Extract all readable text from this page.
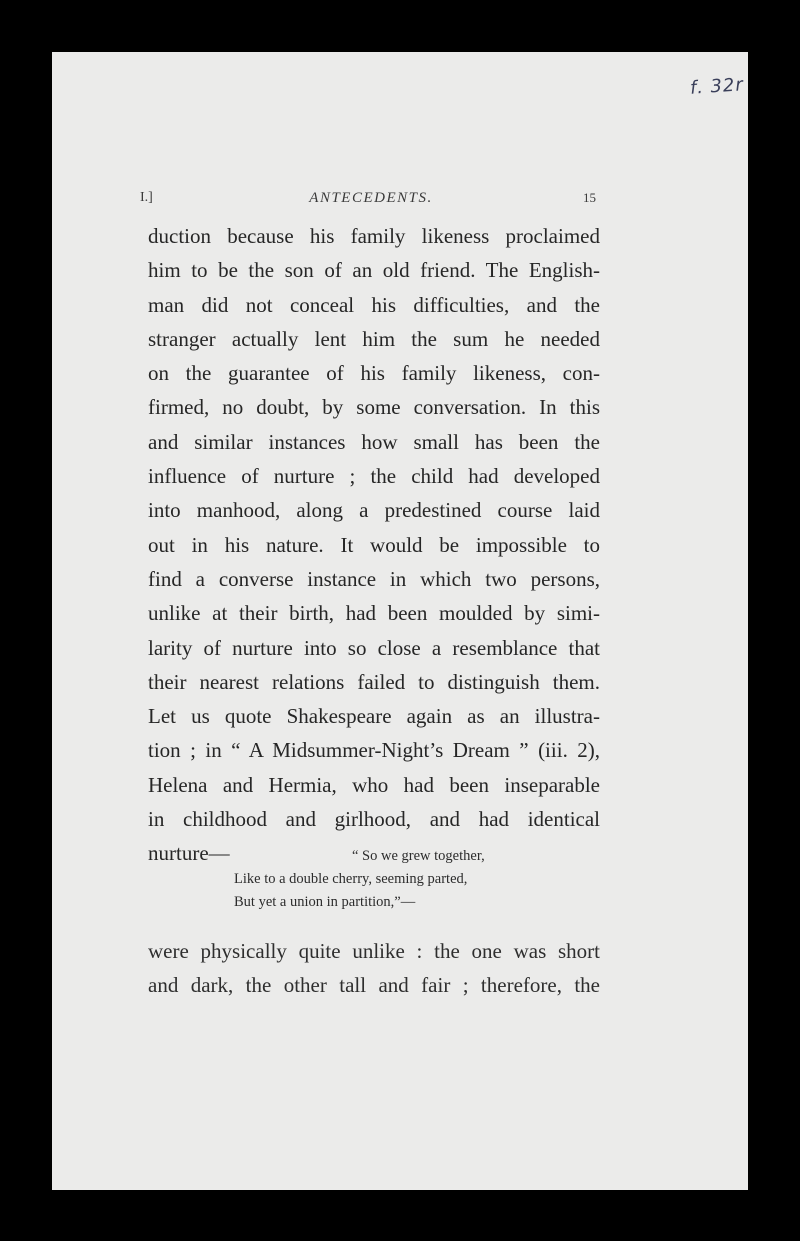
f. 32r
I.]	ANTECEDENTS.	15
duction because his family likeness proclaimed
him to be the son of an old friend. The English-
man did not conceal his difficulties, and the
stranger actually lent him the sum he needed
on the guarantee of his family likeness, con-
firmed, no doubt, by some conversation. In this
and similar instances how small has been the
influence of nurture ; the child had developed
into manhood, along a predestined course laid
out in his nature. It would be impossible to
find a converse instance in which two persons,
unlike at their birth, had been moulded by simi-
larity of nurture into so close a resemblance that
their nearest relations failed to distinguish them.
Let us quote Shakespeare again as an illustra-
tion ; in “ A Midsummer-Night’s Dream ” (iii. 2),
Helena and Hermia, who had been inseparable
in childhood and girlhood, and had identical
nurture—	“ So we grew together,
Like to a double cherry, seeming parted,
But yet a union in partition,”—
were physically quite unlike : the one was short
and dark, the other tall and fair ; therefore, the
